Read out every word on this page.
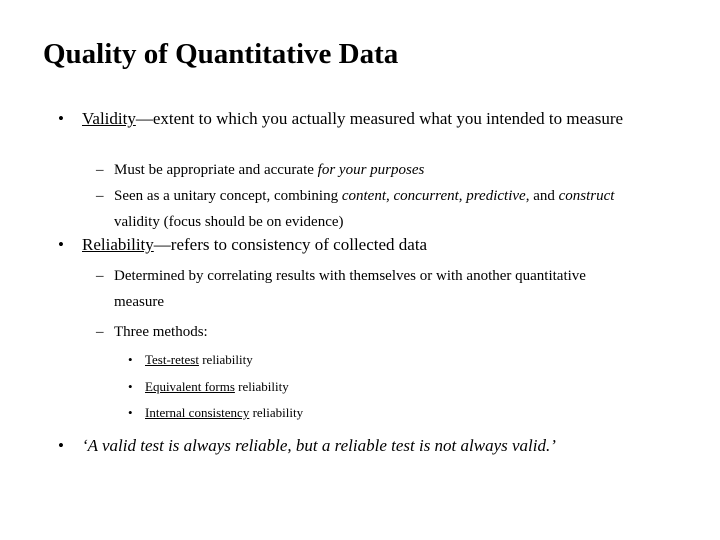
Quality of Quantitative Data
• Validity—extent to which you actually measured what you intended to measure
– Must be appropriate and accurate for your purposes
– Seen as a unitary concept, combining content, concurrent, predictive, and construct validity (focus should be on evidence)
• Reliability—refers to consistency of collected data
– Determined by correlating results with themselves or with another quantitative measure
– Three methods:
• Test-retest reliability
• Equivalent forms reliability
• Internal consistency reliability
• ‘A valid test is always reliable, but a reliable test is not always valid.’
